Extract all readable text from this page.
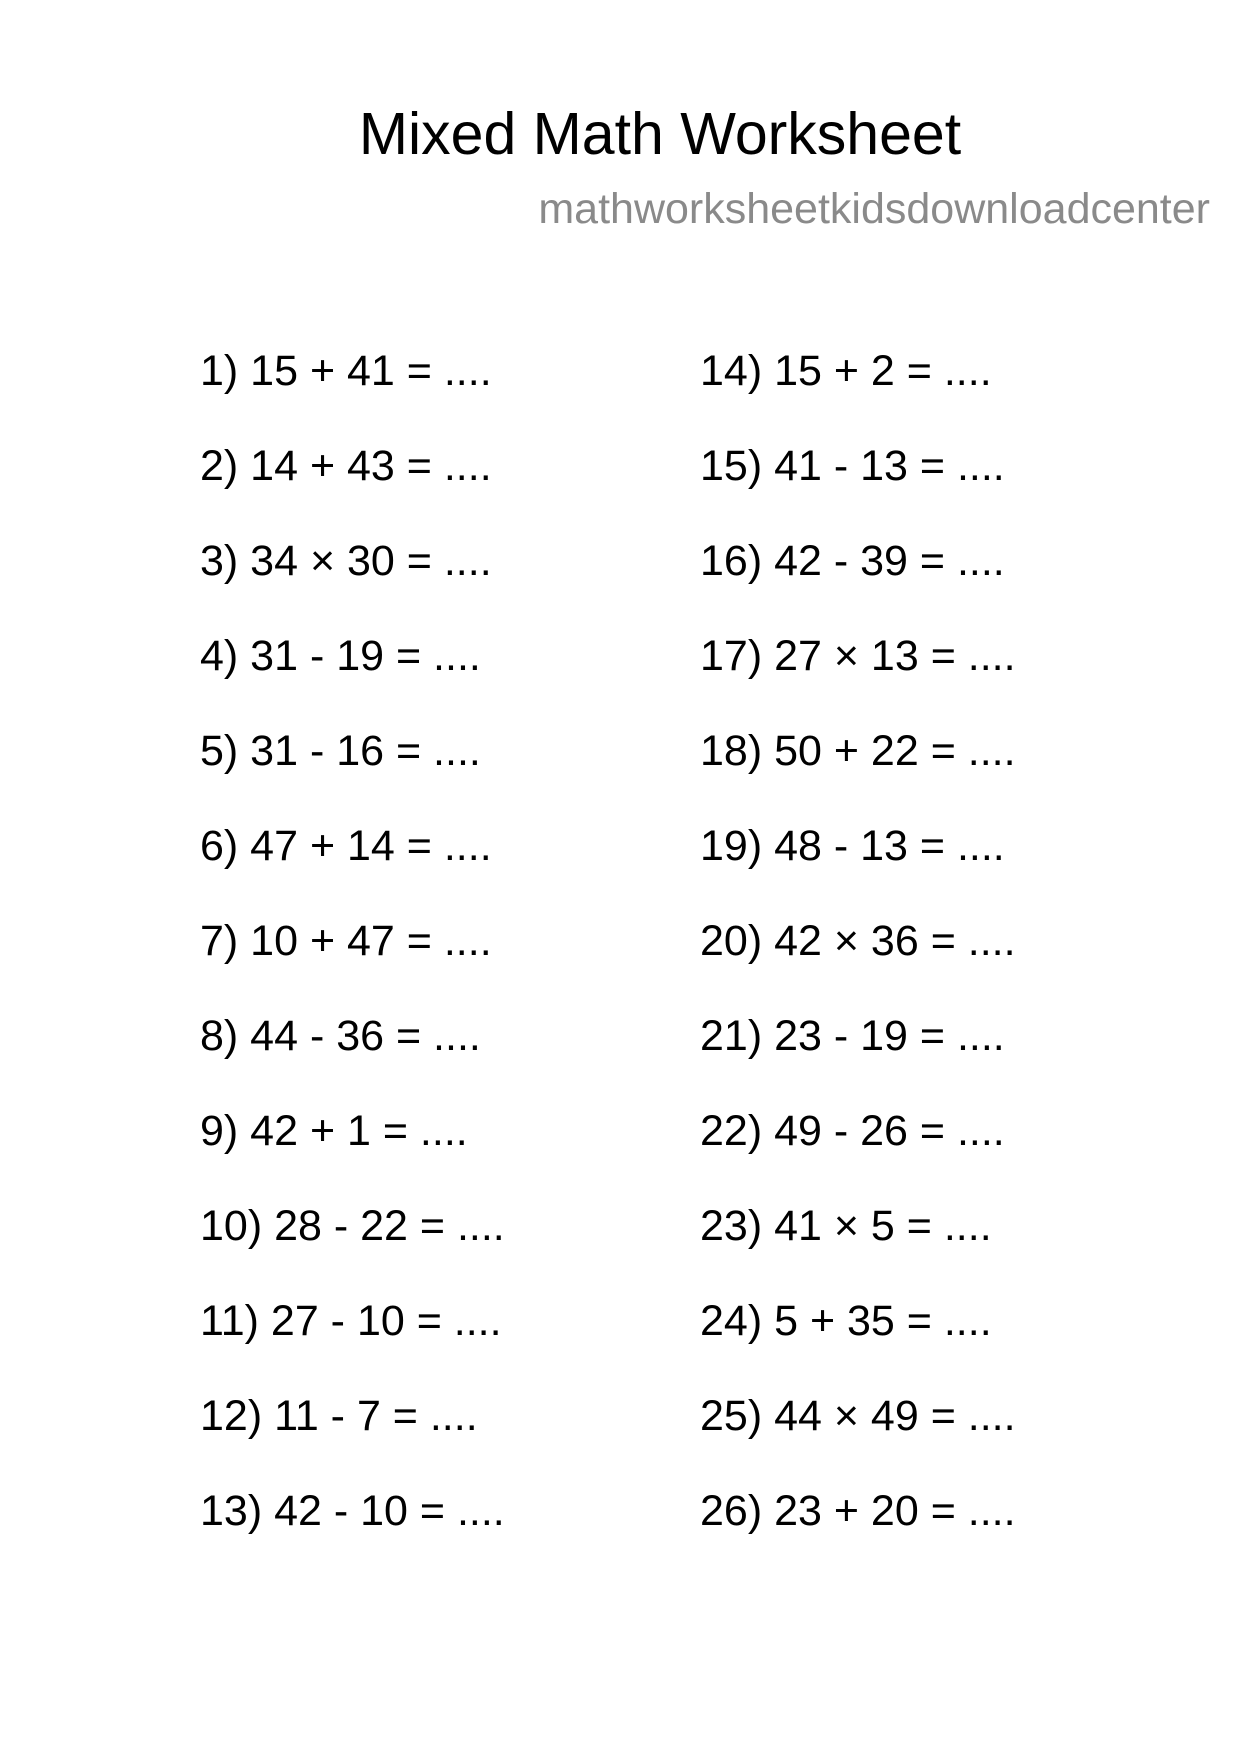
Mixed Math Worksheet
mathworksheetkidsdownloadcenter
1) 15 + 41 = ....
2) 14 + 43 = ....
3) 34 × 30 = ....
4) 31 - 19 = ....
5) 31 - 16 = ....
6) 47 + 14 = ....
7) 10 + 47 = ....
8) 44 - 36 = ....
9) 42 + 1 = ....
10) 28 - 22 = ....
11) 27 - 10 = ....
12) 11 - 7 = ....
13) 42 - 10 = ....
14) 15 + 2 = ....
15) 41 - 13 = ....
16) 42 - 39 = ....
17) 27 × 13 = ....
18) 50 + 22 = ....
19) 48 - 13 = ....
20) 42 × 36 = ....
21) 23 - 19 = ....
22) 49 - 26 = ....
23) 41 × 5 = ....
24) 5 + 35 = ....
25) 44 × 49 = ....
26) 23 + 20 = ....
